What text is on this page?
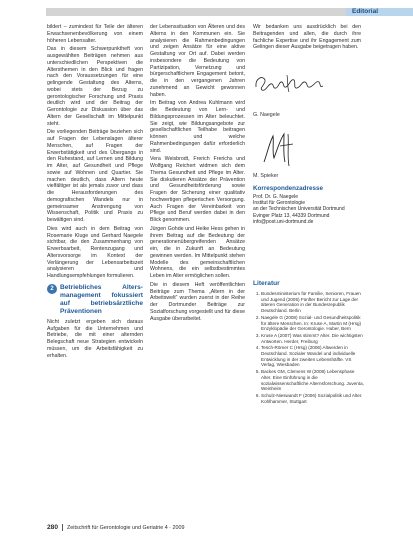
Editorial

bildert – zumindest für Teile der älteren Erwachsenenbevölkerung von einem höheren Lebensalter.

Das in diesem Schwerpunktheft von ausgewählten Beiträgen nehmen aus unterschiedlichen Perspektiven die Altersthemen in den Blick und fragen nach den Voraussetzungen für eine gelingende Gestaltung des Alterns, wobei stets der Bezug zu gerontologischer Forschung und Praxis deutlich wird und der Beitrag der Gerontologie zur Diskussion über das Altern der Gesellschaft im Mittelpunkt steht.

Die vorliegenden Beiträge beziehen sich auf Fragen der Lebenslagen älterer Menschen, auf Fragen der Erwerbstätigkeit und des Übergangs in den Ruhestand, auf Lernen und Bildung im Alter, auf Gesundheit und Pflege sowie auf Wohnen und Quartier. Sie machen deutlich, dass Altern heute vielfältiger ist als jemals zuvor und dass die Herausforderungen des demografischen Wandels nur in gemeinsamer Anstrengung von Wissenschaft, Politik und Praxis zu bewältigen sind.

Dies wird auch in dem Beitrag von Rosemarie Kluge und Gerhard Naegele sichtbar, die den Zusammenhang von Erwerbsarbeit, Rentenzugang und Altersvorsorge im Kontext der Verlängerung der Lebensarbeitszeit analysieren und Handlungsempfehlungen formulieren.

2 Betriebliches Alters-management fokussiert auf betriebsärztliche Präventionen

Nicht zuletzt ergeben sich daraus Aufgaben für die Unternehmen und Betriebe, die mit einer alternden Belegschaft neue Strategien entwickeln müssen, um die Arbeitsfähigkeit zu erhalten.

der Lebenssituation von Älteren und des Alterns in den Kommunen ein. Sie analysieren die Rahmenbedingungen und zeigen Ansätze für eine aktive Gestaltung vor Ort auf. Dabei werden insbesondere die Bedeutung von Partizipation, Vernetzung und bürgerschaftlichem Engagement betont, die in den vergangenen Jahren zunehmend an Gewicht gewonnen haben.

Im Beitrag von Andrea Kuhlmann wird die Bedeutung von Lern- und Bildungsprozessen im Alter beleuchtet. Sie zeigt, wie Bildungsangebote zur gesellschaftlichen Teilhabe beitragen können und welche Rahmenbedingungen dafür erforderlich sind.

Vera Weisbrodt, Frerich Frerichs und Wolfgang Reichert widmen sich dem Thema Gesundheit und Pflege im Alter. Sie diskutieren Ansätze der Prävention und Gesundheitsförderung sowie Fragen der Sicherung einer qualitativ hochwertigen pflegerischen Versorgung. Auch Fragen der Vereinbarkeit von Pflege und Beruf werden dabei in den Blick genommen.

Jürgen Gohde und Heike Hess gehen in ihrem Beitrag auf die Bedeutung der generationenübergreifenden Ansätze ein, die in Zukunft an Bedeutung gewinnen werden. Im Mittelpunkt stehen Modelle des gemeinschaftlichen Wohnens, die ein selbstbestimmtes Leben im Alter ermöglichen sollen.

Die in diesem Heft veröffentlichten Beiträge zum Thema „Altern in der Arbeitswelt“ wurden zuerst in der Reihe der Dortmunder Beiträge zur Sozialforschung vorgestellt und für diese Ausgabe überarbeitet.

Wir bedanken uns ausdrücklich bei den Beitragenden und allen, die durch ihre fachliche Expertise und ihr Engagement zum Gelingen dieser Ausgabe beigetragen haben.

G. Naegele
M. Spieker
Korrespondenzadresse
Prof. Dr. G. Naegele
Institut für Gerontologie
an der Technischen Universität Dortmund
Evinger Platz 13, 44339 Dortmund
info@post.uni-dortmund.de
Literatur
1. Bundesministerium für Familie, Senioren, Frauen und Jugend (2005) Fünfter Bericht zur Lage der älteren Generation in der Bundesrepublik Deutschland. Berlin
2. Naegele G (2008) Sozial- und Gesundheitspolitik für ältere Menschen. In: Kruse A, Martin M (Hrsg) Enzyklopädie der Gerontologie. Huber, Bern
3. Kruse A (2007) Was stimmt? Alter. Die wichtigsten Antworten. Herder, Freiburg
4. Tesch-Römer C (Hrsg) (2006) Altwerden in Deutschland. Sozialer Wandel und individuelle Entwicklung in der zweiten Lebenshälfte. VS Verlag, Wiesbaden
5. Backes GM, Clemens W (2008) Lebensphase Alter. Eine Einführung in die sozialwissenschaftliche Alternsforschung. Juventa, Weinheim
6. Schulz-Nieswandt F (2006) Sozialpolitik und Alter. Kohlhammer, Stuttgart
280 Zeitschrift für Gerontologie und Geriatrie 4 · 2009
